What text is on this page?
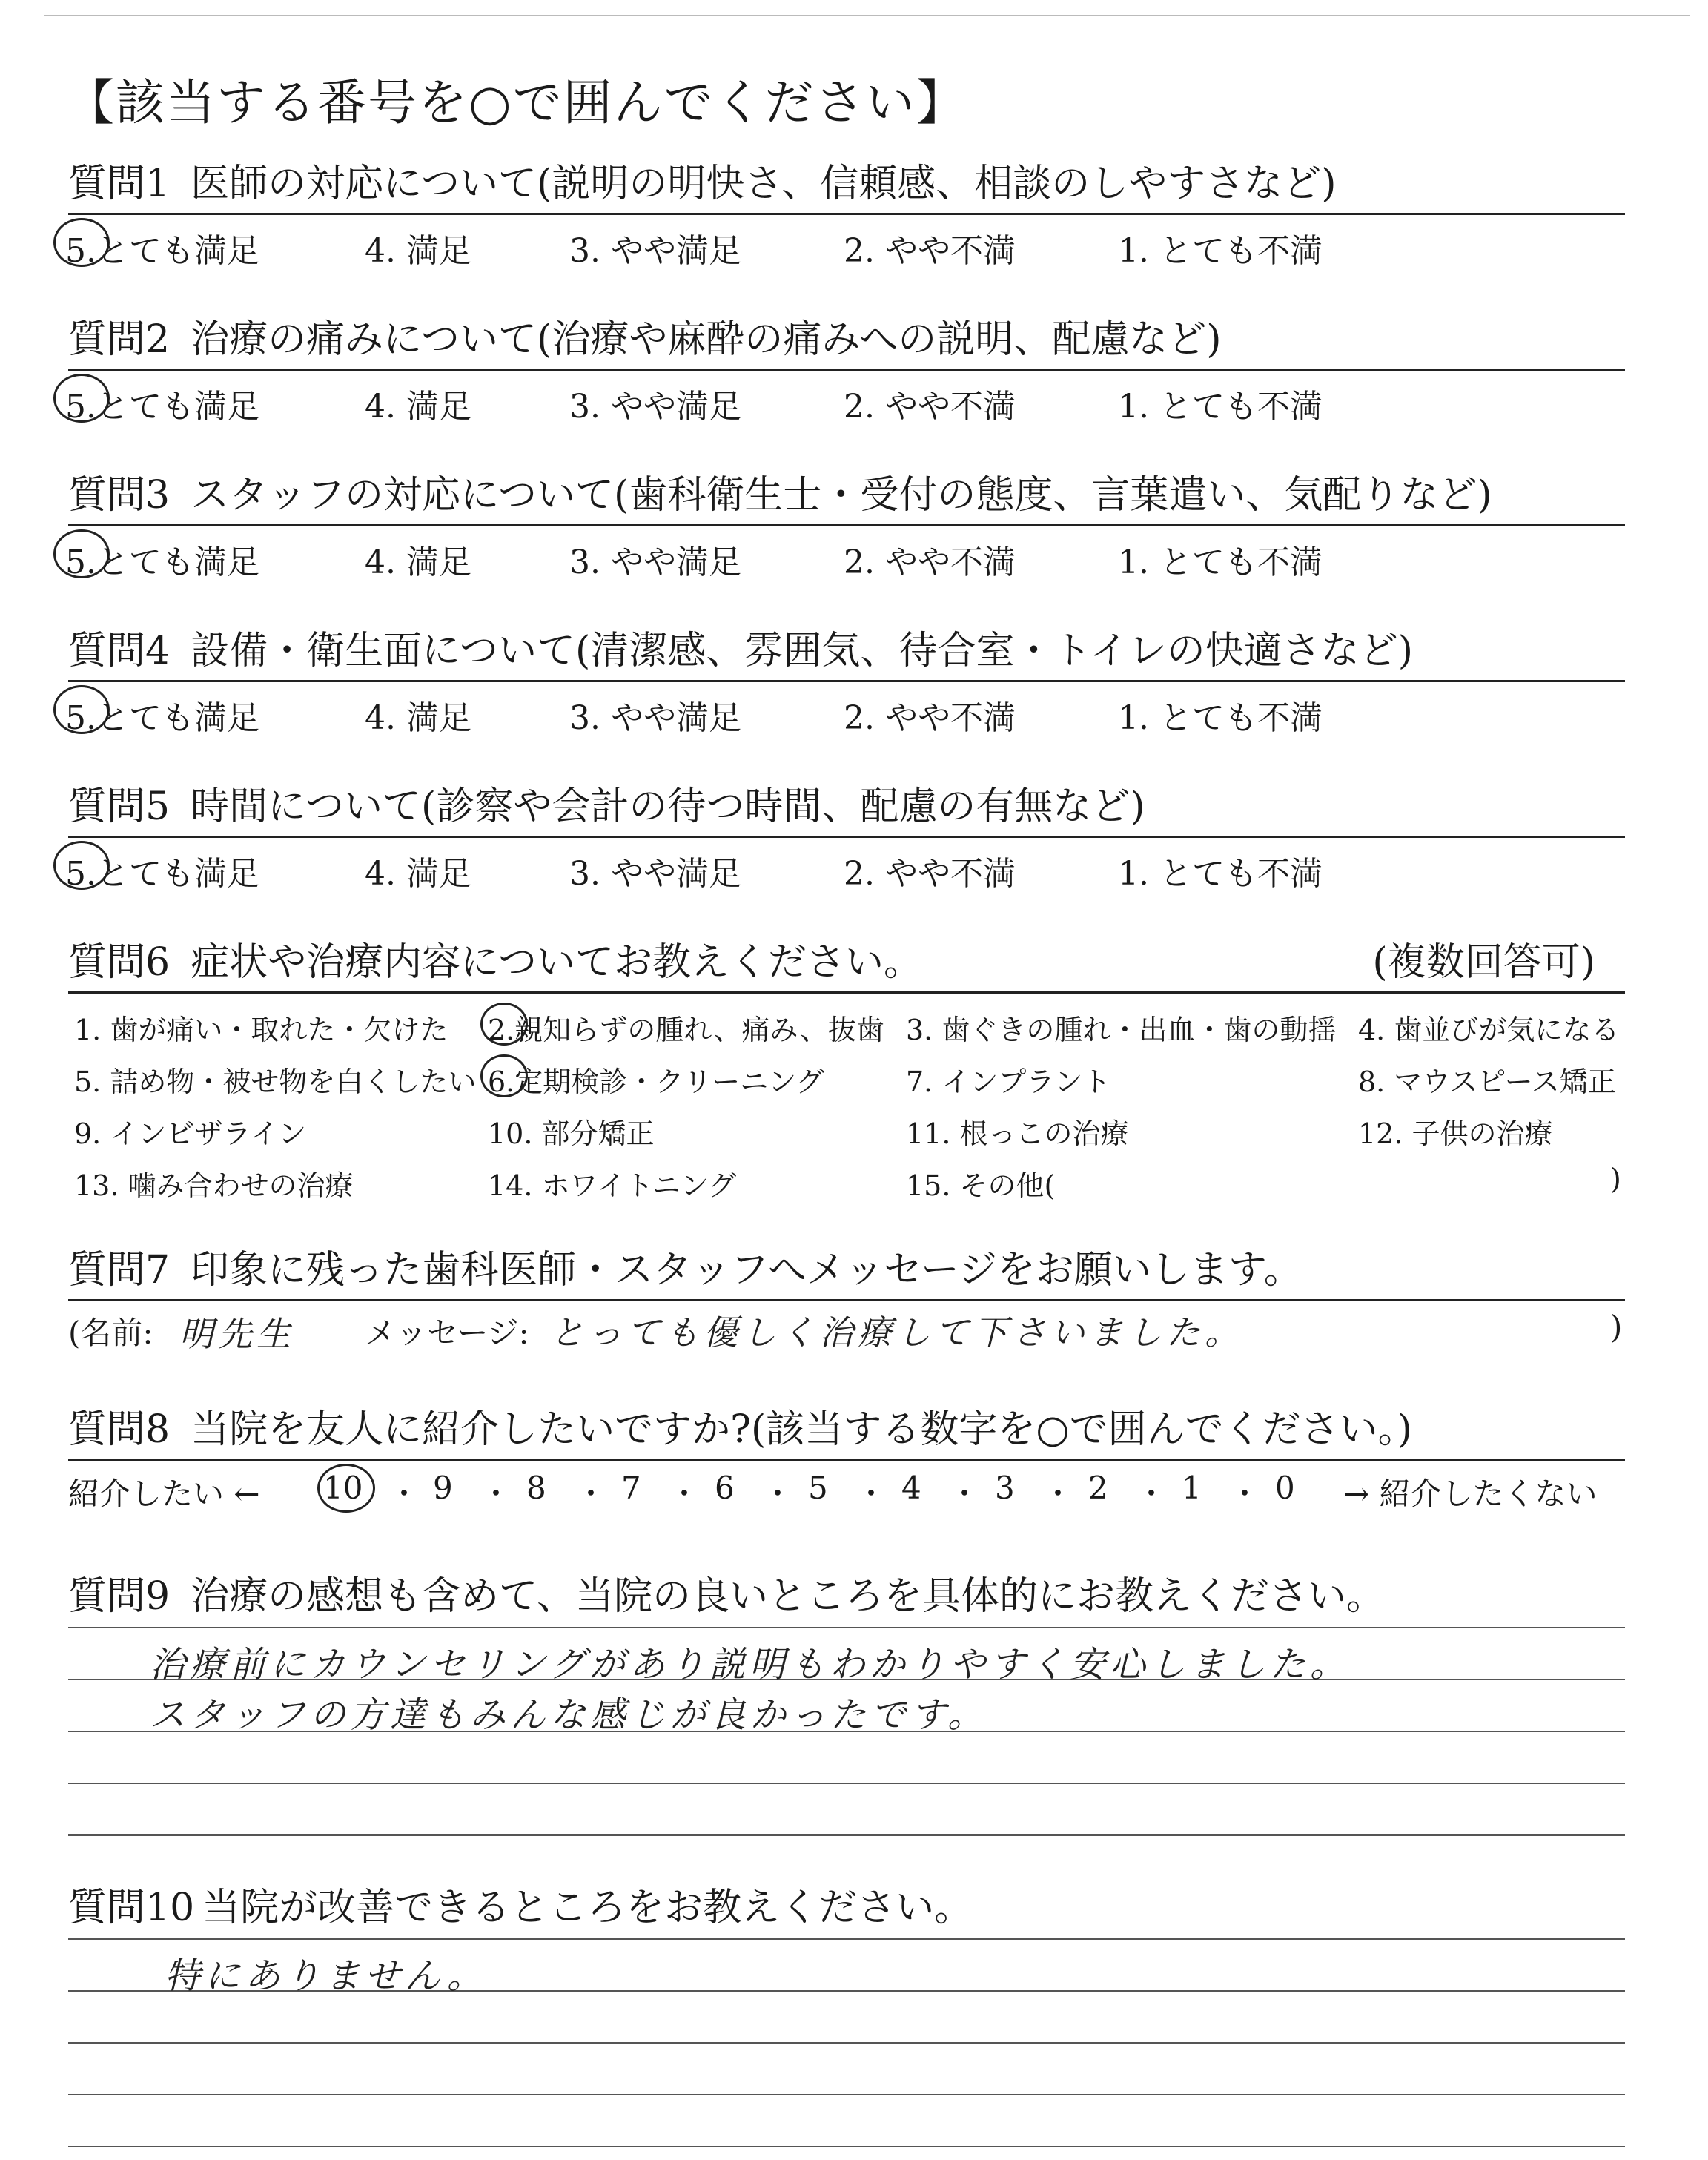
【該当する番号を○で囲んでください】
質問1 医師の対応について(説明の明快さ、信頼感、相談のしやすさなど)
5.とても満足	4. 満足	3. やや満足	2. やや不満	1. とても不満
質問2 治療の痛みについて(治療や麻酔の痛みへの説明、配慮など)
5.とても満足	4. 満足	3. やや満足	2. やや不満	1. とても不満
質問3 スタッフの対応について(歯科衛生士・受付の態度、言葉遣い、気配りなど)
5.とても満足	4. 満足	3. やや満足	2. やや不満	1. とても不満
質問4 設備・衛生面について(清潔感、雰囲気、待合室・トイレの快適さなど)
5.とても満足	4. 満足	3. やや満足	2. やや不満	1. とても不満
質問5 時間について(診察や会計の待つ時間、配慮の有無など)
5.とても満足	4. 満足	3. やや満足	2. やや不満	1. とても不満
質問6 症状や治療内容についてお教えください。	(複数回答可)
1. 歯が痛い・取れた・欠けた 2.親知らずの腫れ、痛み、抜歯 3. 歯ぐきの腫れ・出血・歯の動揺 4. 歯並びが気になる
5. 詰め物・被せ物を白くしたい 6.定期検診・クリーニング	7. インプラント	8. マウスピース矯正
9. インビザライン	10. 部分矯正	11. 根っこの治療	12. 子供の治療
13. 噛み合わせの治療	14. ホワイトニング	15. その他(	)
質問7 印象に残った歯科医師・スタッフへメッセージをお願いします。
(名前: 明先生 メッセージ: とっても優しく治療して下さいました。	)
質問8 当院を友人に紹介したいですか?(該当する数字を○で囲んでください。)
紹介したい ← 10 ・ 9 ・ 8 ・ 7 ・ 6 ・ 5 ・ 4 ・ 3 ・ 2 ・ 1 ・ 0 → 紹介したくない
質問9 治療の感想も含めて、当院の良いところを具体的にお教えください。
治療前にカウンセリングがあり説明もわかりやすく安心しました。
スタッフの方達もみんな感じが良かったです。
質問10 当院が改善できるところをお教えください。
特にありません。
